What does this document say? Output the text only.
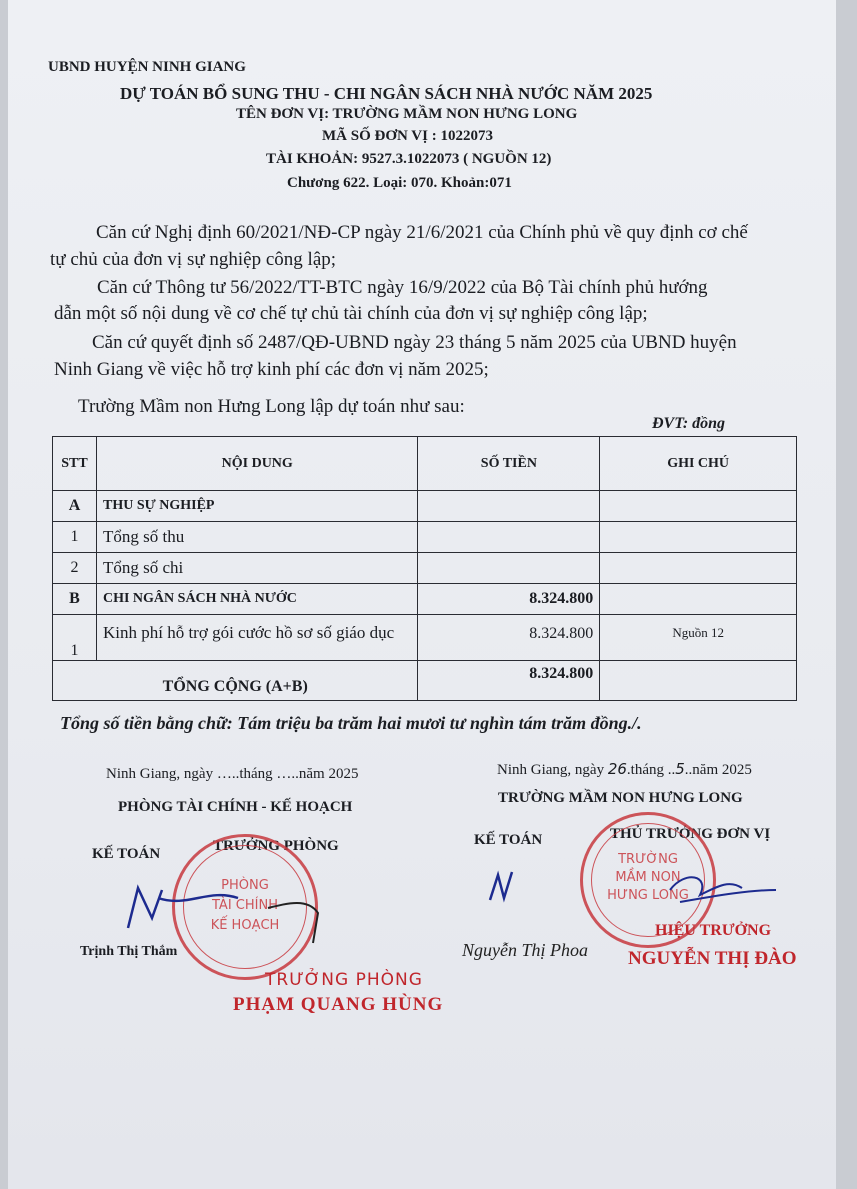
UBND HUYỆN NINH GIANG
DỰ TOÁN BỔ SUNG THU - CHI NGÂN SÁCH NHÀ NƯỚC NĂM 2025
TÊN ĐƠN VỊ: TRƯỜNG MẦM NON HƯNG LONG
MÃ SỐ ĐƠN VỊ : 1022073
TÀI KHOẢN: 9527.3.1022073 ( NGUỒN 12)
Chương 622. Loại: 070. Khoản:071
Căn cứ Nghị định 60/2021/NĐ-CP ngày 21/6/2021 của Chính phủ về quy định cơ chế
tự chủ của đơn vị sự nghiệp công lập;
Căn cứ Thông tư 56/2022/TT-BTC ngày 16/9/2022 của Bộ Tài chính phủ hướng
dẫn một số nội dung về cơ chế tự chủ tài chính của đơn vị sự nghiệp công lập;
Căn cứ quyết định số 2487/QĐ-UBND ngày 23 tháng 5 năm 2025 của UBND huyện
Ninh Giang về việc hỗ trợ kinh phí các đơn vị năm 2025;
Trường Mầm non Hưng Long lập dự toán như sau:
ĐVT: đồng
STT	NỘI DUNG	SỐ TIỀN	GHI CHÚ
A	THU SỰ NGHIỆP		
1	Tổng số thu		
2	Tổng số chi		
B	CHI NGÂN SÁCH NHÀ NƯỚC	8.324.800	
1	Kinh phí hỗ trợ gói cước hồ sơ số giáo dục	8.324.800	Nguồn 12
TỔNG CỘNG (A+B)		8.324.800	
Tổng số tiền bằng chữ: Tám triệu ba trăm hai mươi tư nghìn tám trăm đồng./.
Ninh Giang, ngày …..tháng …..năm 2025
PHÒNG TÀI CHÍNH - KẾ HOẠCH
KẾ TOÁN	TRƯỞNG PHÒNG
PHÒNG
TÀI CHÍNH
KẾ HOẠCH
Trịnh Thị Thắm
TRƯỞNG PHÒNG
PHẠM QUANG HÙNG
Ninh Giang, ngày 26.tháng ..5..năm 2025
TRƯỜNG MẦM NON HƯNG LONG
KẾ TOÁN	THỦ TRƯỞNG ĐƠN VỊ
TRƯỜNG
MẦM NON
HƯNG LONG
Nguyễn Thị Phoa
HIỆU TRƯỞNG
NGUYỄN THỊ ĐÀO
